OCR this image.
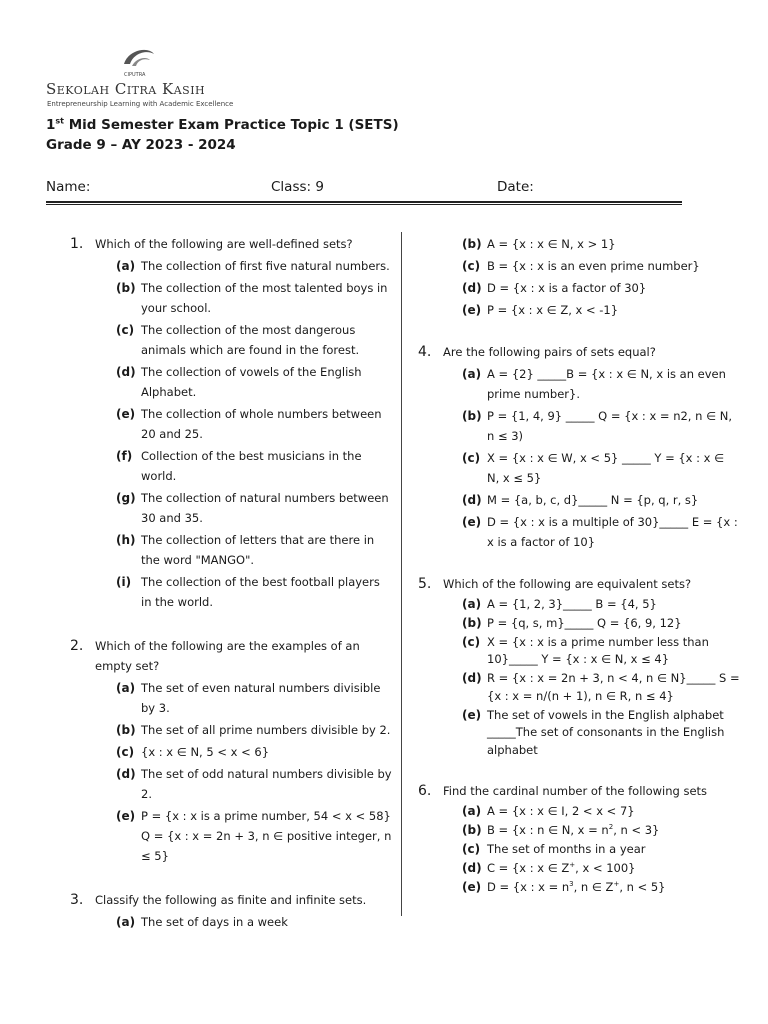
CIPUTRA
Sekolah Citra Kasih
Entrepreneurship Learning with Academic Excellence
1st Mid Semester Exam Practice Topic 1 (SETS)
Grade 9 – AY 2023 - 2024
Name:	Class: 9	Date:
1.	Which of the following are well-defined sets?
(a) The collection of first five natural numbers.
(b) The collection of the most talented boys in your school.
(c) The collection of the most dangerous animals which are found in the forest.
(d) The collection of vowels of the English Alphabet.
(e) The collection of whole numbers between 20 and 25.
(f) Collection of the best musicians in the world.
(g) The collection of natural numbers between 30 and 35.
(h) The collection of letters that are there in the word "MANGO".
(i) The collection of the best football players in the world.
2.	Which of the following are the examples of an empty set?
(a) The set of even natural numbers divisible by 3.
(b) The set of all prime numbers divisible by 2.
(c) {x : x ∈ N, 5 < x < 6}
(d) The set of odd natural numbers divisible by 2.
(e) P = {x : x is a prime number, 54 < x < 58} Q = {x : x = 2n + 3, n ∈ positive integer, n ≤ 5}
3.	Classify the following as finite and infinite sets.
(a) The set of days in a week
(b) A = {x : x ∈ N, x > 1}
(c) B = {x : x is an even prime number}
(d) D = {x : x is a factor of 30}
(e) P = {x : x ∈ Z, x < -1}
4.	Are the following pairs of sets equal?
(a) A = {2} _____B = {x : x ∈ N, x is an even prime number}.
(b) P = {1, 4, 9} _____ Q = {x : x = n2, n ∈ N, n ≤ 3)
(c) X = {x : x ∈ W, x < 5} _____ Y = {x : x ∈ N, x ≤ 5}
(d) M = {a, b, c, d}_____ N = {p, q, r, s}
(e) D = {x : x is a multiple of 30}_____ E = {x : x is a factor of 10}
5.	Which of the following are equivalent sets?
(a) A = {1, 2, 3}_____ B = {4, 5}
(b) P = {q, s, m}_____ Q = {6, 9, 12}
(c) X = {x : x is a prime number less than 10}_____ Y = {x : x ∈ N, x ≤ 4}
(d) R = {x : x = 2n + 3, n < 4, n ∈ N}_____ S = {x : x = n/(n + 1), n ∈ R, n ≤ 4}
(e) The set of vowels in the English alphabet _____The set of consonants in the English alphabet
6.	Find the cardinal number of the following sets
(a) A = {x : x ∈ I, 2 < x < 7}
(b) B = {x : n ∈ N, $x = n^2$, n < 3}
(c) The set of months in a year
(d) C = {x : x ∈ Z+, x < 100}
(e) D = {x : $x = n^3$, n ∈ Z+, n < 5}
